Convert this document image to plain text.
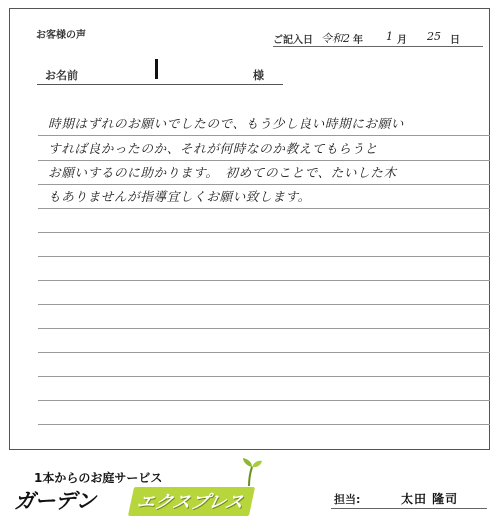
お客様の声	ご記入日 令和2 年 1 月 25 日
お名前	様
時期はずれのお願いでしたので、もう少し良い時期にお願い
すれば良かったのか、それが何時なのか教えてもらうと
お願いするのに助かります。　初めてのことで、たいした木
もありませんが指導宜しくお願い致します。
1本からのお庭サービス
ガーデン	エクスプレス	担当:	太田 隆司
